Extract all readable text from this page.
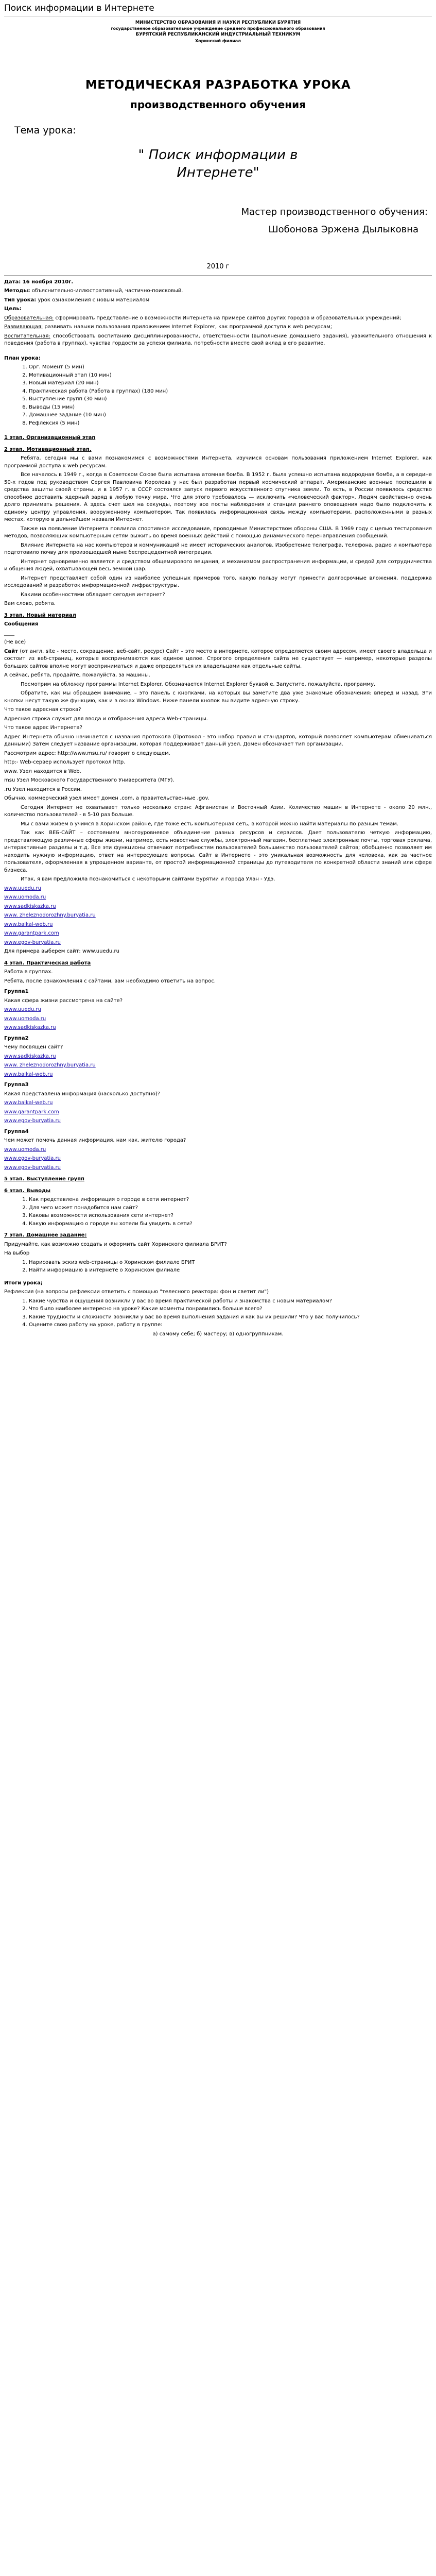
Поиск информации в Интернете
МИНИСТЕРСТВО ОБРАЗОВАНИЯ И НАУКИ РЕСПУБЛИКИ БУРЯТИЯ
государственное образовательное учреждение среднего профессионального образования
БУРЯТСКИЙ РЕСПУБЛИКАНСКИЙ ИНДУСТРИАЛЬНЫЙ ТЕХНИКУМ
Хоринский филиал
МЕТОДИЧЕСКАЯ РАЗРАБОТКА УРОКА
производственного обучения
Тема урока:
" Поиск информации в
Интернете"
Мастер производственного обучения:
Шобонова Эржена Дылыковна
2010 г

Дата: 16 ноября 2010г.

Методы: объяснительно-иллюстративный, частично-поисковый.

Тип урока: урок ознакомления с новым материалом

Цель:

Образовательная: сформировать представление о возможности Интернета на примере сайтов других городов и образовательных учреждений;

Развивающая: развивать навыки пользования приложением Internet Explorer, как программой доступа к web ресурсам;

Воспитательная: способствовать воспитанию дисциплинированности, ответственности (выполнение домашнего задания), уважительного отношения к поведения (работа в группах), чувства гордости за успехи филиала, потребности вместе свой вклад в его развитие.

План урока:

1. Орг. Момент (5 мин)
2. Мотивационный этап (10 мин)
3. Новый материал (20 мин)
4. Практическая работа (Работа в группах) (180 мин)
5. Выступление групп (30 мин)
6. Выводы (15 мин)
7. Домашнее задание (10 мин)
8. Рефлексия (5 мин)

1 этап. Организационный этап

2 этап. Мотивационный этап.

Ребята, сегодня мы с вами познакомимся с возможностями Интернета, изучимся основам пользования приложением Internet Explorer, как программой доступа к web ресурсам.

Все началось в 1949 г., когда в Советском Союзе была испытана атомная бомба. В 1952 г. была успешно испытана водородная бомба, а в середине 50-х годов под руководством Сергея Павловича Королева у нас был разработан первый космический аппарат. Американские военные поспешили в средства защиты своей страны, и в 1957 г. в СССР состоялся запуск первого искусственного спутника земли. То есть, в России появилось средство способное доставить ядерный заряд в любую точку мира. Что для этого требовалось — исключить «человеческий фактор». Людям свойственно очень долго принимать решения. А здесь счет шел на секунды, поэтому все посты наблюдения и станции раннего оповещения надо было подключить к единому центру управления, вооруженному компьютером. Так появилась информационная связь между компьютерами, расположенными в разных местах, которую в дальнейшем назвали Интернет.

Также на появление Интернета повлияла спортивное исследование, проводимые Министерством обороны США. В 1969 году с целью тестирования методов, позволяющих компьютерным сетям выжить во время военных действий с помощью динамического перенаправления сообщений.

Влияние Интернета на нас компьютеров и коммуникаций не имеет исторических аналогов. Изобретение телеграфа, телефона, радио и компьютера подготовило почву для произошедшей ныне беспрецедентной интеграции.

Интернет одновременно является и средством общемирового вещания, и механизмом распространения информации, и средой для сотрудничества и общения людей, охватывающей весь земной шар.

Интернет представляет собой один из наиболее успешных примеров того, какую пользу могут принести долгосрочные вложения, поддержка исследований и разработок информационной инфраструктуры.

Какими особенностями обладает сегодня интернет?

Вам слово, ребята.

3 этап. Новый материал

Сообщения

____

(Не все)

Сайт (от англ. site - место, сокращение, веб-сайт, ресурс) Сайт – это место в интернете, которое определяется своим адресом, имеет своего владельца и состоит из веб-страниц, которые воспринимаются как единое целое. Строгого определения сайта не существует — например, некоторые разделы больших сайтов вполне могут восприниматься и даже определяться их владельцами как отдельные сайты.

А сейчас, ребята, продайте, пожалуйста, за машины.

Посмотрим на обложку программы Internet Explorer. Обозначается Internet Explorer буквой e. Запустите, пожалуйста, программу.

Обратите, как мы обращаем внимание, – это панель с кнопками, на которых вы заметите два уже знакомые обозначения: вперед и назад. Эти кнопки несут такую же функцию, как и в окнах Windows. Ниже панели кнопок вы видите адресную строку.

Что такое адресная строка?

Адресная строка служит для ввода и отображения адреса Web-страницы.

Что такое адрес Интернета?

Адрес Интернета обычно начинается с названия протокола (Протокол - это набор правил и стандартов, который позволяет компьютерам обмениваться данными) Затем следует название организации, которая поддерживает данный узел. Домен обозначает тип организации.

Рассмотрим адрес: http://www.msu.ru/ говорит о следующем.

http:- Web-сервер использует протокол http.

www. Узел находится в Web.

msu Узел Московского Государственного Университета (МГУ).

.ru Узел находится в России.

Обычно, коммерческий узел имеет домен .com, а правительственные .gov.

Сегодня Интернет не охватывает только несколько стран: Афганистан и Восточный Азии. Количество машин в Интернете - около 20 млн., количество пользователей - в 5-10 раз больше.

Мы с вами живем в учимся в Хоринском районе, где тоже есть компьютерная сеть, в которой можно найти материалы по разным темам.

Так как ВЕБ-САЙТ – состоянием многоуровневое объединение разных ресурсов и сервисов. Дает пользователю четкую информацию, представляющую различные сферы жизни, например, есть новостные службы, электронный магазин, бесплатные электронные почты, торговая реклама, интерактивные разделы и т.д. Все эти функционы отвечают потребностям пользователей большинство пользователей сайтов; обобщенно позволяет им находить нужную информацию, ответ на интересующие вопросы. Сайт в Интернете - это уникальная возможность для человека, как за частное пользователя, оформленная в упрощенном варианте, от простой информационной страницы до путеводителя по конкретной области знаний или сфере бизнеса.

Итак, я вам предложила познакомиться с некоторыми сайтами Бурятии и города Улан - Удэ.

www.uuedu.ru
www.uomoda.ru
www.sadkiskazka.ru
www. zheleznodorozhny.buryatia.ru
www.baikal-web.ru
www.garantpark.com
www.egov-buryatia.ru

Для примера выберем сайт: www.uuedu.ru

4 этап. Практическая работа

Работа в группах.

Ребята, после ознакомления с сайтами, вам необходимо ответить на вопрос.

Группа1

Какая сфера жизни рассмотрена на сайте?

www.uuedu.ru
www.uomoda.ru
www.sadkiskazka.ru

Группа2

Чему посвящен сайт?

www.sadkiskazka.ru
www. zheleznodorozhny.buryatia.ru
www.baikal-web.ru

Группа3

Какая представлена информация (насколько доступно)?

www.baikal-web.ru
www.garantpark.com
www.egov-buryatia.ru

Группа4

Чем может помочь данная информация, нам как, жителю города?

www.uomoda.ru
www.egov-buryatia.ru
www.egov-buryatia.ru

5 этап. Выступление групп

6 этап. Выводы

1. Как представлена информация о городе в сети интернет?
2. Для чего может понадобится нам сайт?
3. Каковы возможности использования сети интернет?
4. Какую информацию о городе вы хотели бы увидеть в сети?

7 этап. Домашнее задание:

Придумайте, как возможно создать и оформить сайт Хоринского филиала БРИТ?

На выбор

1. Нарисовать эскиз web-страницы о Хоринском филиале БРИТ
2. Найти информацию в интернете о Хоринском филиале

Итоги урока;

Рефлексия (на вопросы рефлексии ответить с помощью "телесного реактора: фон и светит ли")

1. Какие чувства и ощущения возникли у вас во время практической работы и знакомства с новым материалом?
2. Что было наиболее интересно на уроке? Какие моменты понравились больше всего?
3. Какие трудности и сложности возникли у вас во время выполнения задания и как вы их решили? Что у вас получилось?
4. Оцените свою работу на уроке, работу в группе:

а) самому себе; б) мастеру; в) одногруппникам.
